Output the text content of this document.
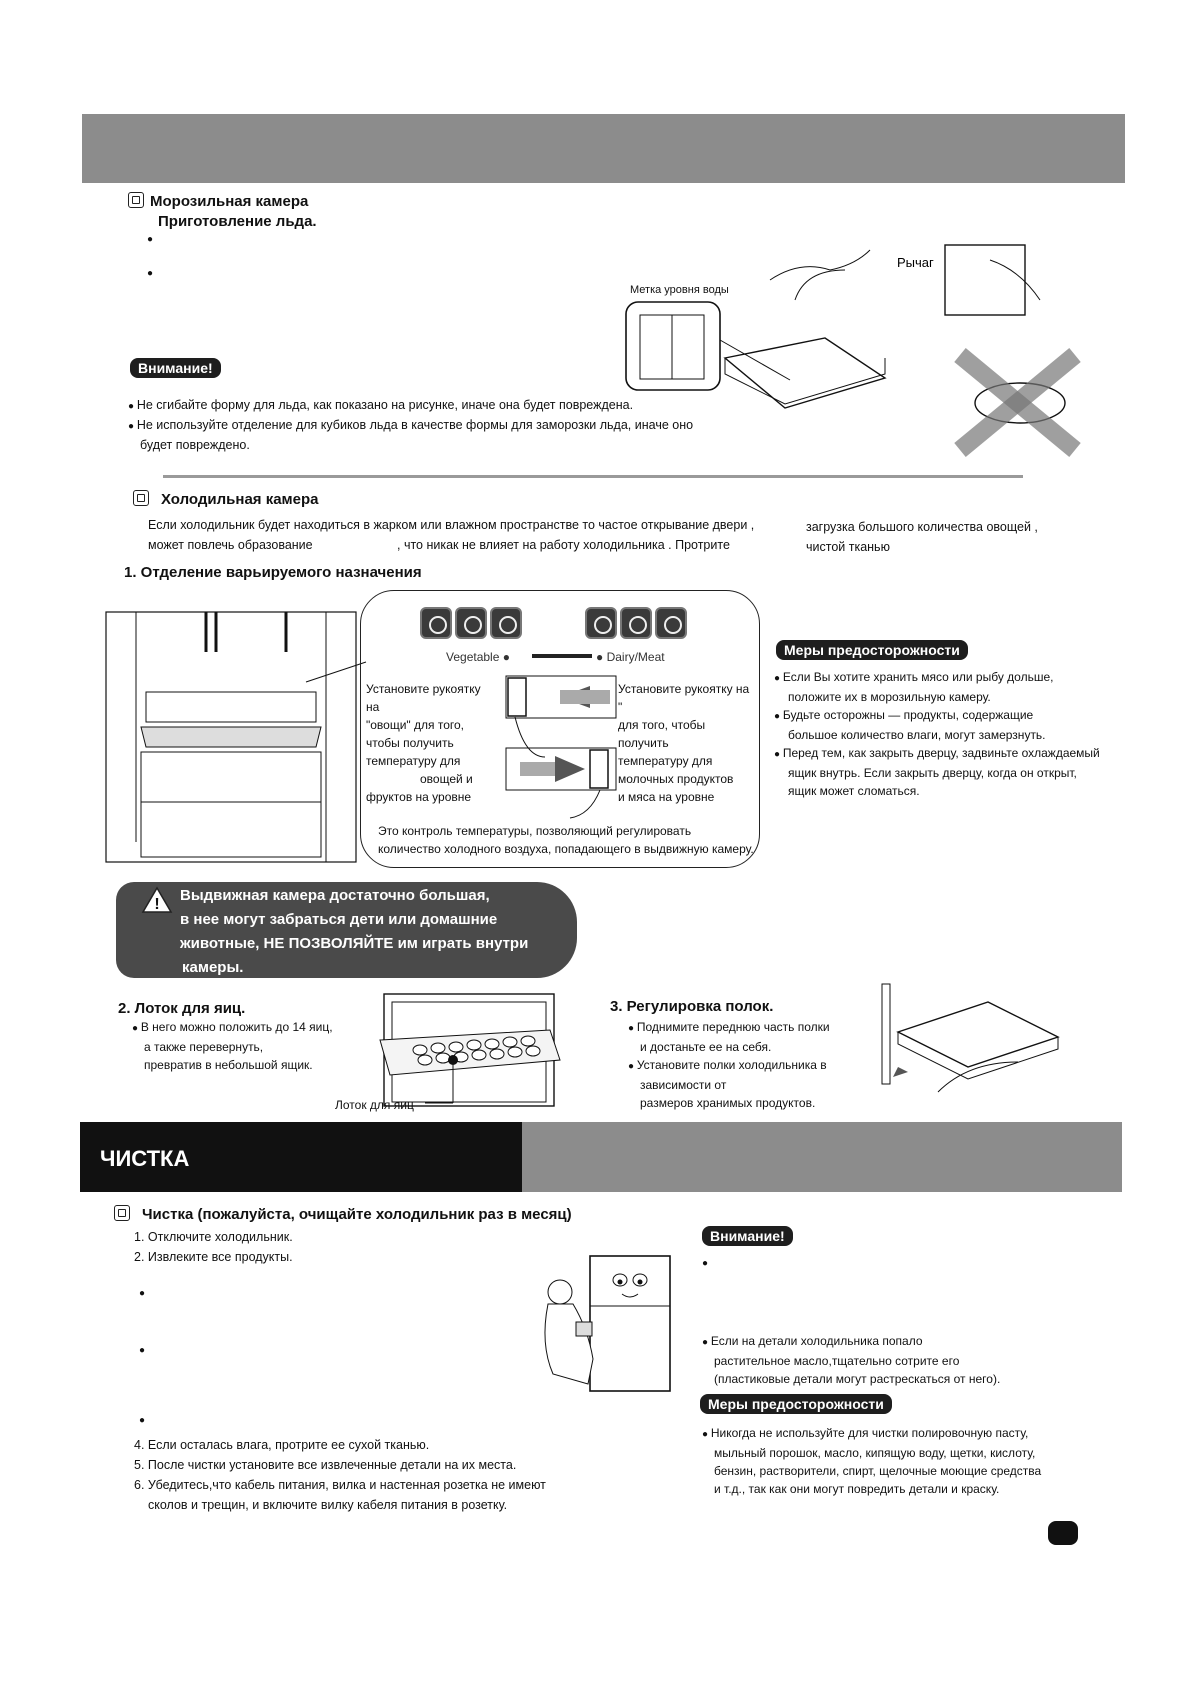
Морозильная камера
Приготовление льда.
●
●
Метка уровня воды
Рычаг
Внимание!
● Не сгибайте форму для льда, как показано на рисунке, иначе она будет повреждена.
● Не используйте отделение для кубиков льда в качестве формы для заморозки льда, иначе оно
будет повреждено.
Холодильная камера
Если холодильник будет находиться в жарком или влажном пространстве то частое открывание двери ,	загрузка большого количества овощей ,
может повлечь образование	, что никак не влияет на работу холодильника . Протрите	чистой тканью
1. Отделение варьируемого назначения
Vegetable ●	● Dairy/Meat
Установите рукоятку на
"овощи" для того,
чтобы получить
температуру для
овощей и
фруктов на уровне
Установите рукоятку на
"
для того, чтобы получить
температуру для
молочных продуктов
и мяса на уровне
Это контроль температуры, позволяющий регулировать
количество холодного воздуха, попадающего в выдвижную камеру.
Меры предосторожности
● Если Вы хотите хранить мясо или рыбу дольше,
положите их в морозильную камеру.
● Будьте осторожны — продукты, содержащие
большое количество влаги, могут замерзнуть.
● Перед тем, как закрыть дверцу, задвиньте охлаждаемый
ящик внутрь. Если закрыть дверцу, когда он открыт,
ящик может сломаться.
!
Выдвижная камера достаточно большая,
в нее могут забраться дети или домашние
животные, НЕ ПОЗВОЛЯЙТЕ им играть внутри
камеры.
2. Лоток для яиц.
● В него можно положить до 14 яиц,
а также перевернуть,
превратив в небольшой ящик.
Лоток для яиц
3. Регулировка полок.
● Поднимите переднюю часть полки
и достаньте ее на себя.
● Установите полки холодильника в
зависимости от
размеров хранимых продуктов.
ЧИСТКА
Чистка (пожалуйста, очищайте холодильник раз в месяц)
1. Отключите холодильник.
2. Извлеките все продукты.
●
●
●
4. Если осталась влага, протрите ее сухой тканью.
5. После чистки установите все извлеченные детали на их места.
6. Убедитесь,что кабель питания, вилка и настенная розетка не имеют
сколов и трещин, и включите вилку кабеля питания в розетку.
Внимание!
●
● Если на детали холодильника попало
растительное масло,тщательно сотрите его
(пластиковые детали могут растрескаться от него).
Меры предосторожности
● Никогда не используйте для чистки полировочную пасту,
мыльный порошок, масло, кипящую воду, щетки, кислоту,
бензин, растворители, спирт, щелочные моющие средства
и т.д., так как они могут повредить детали и краску.
